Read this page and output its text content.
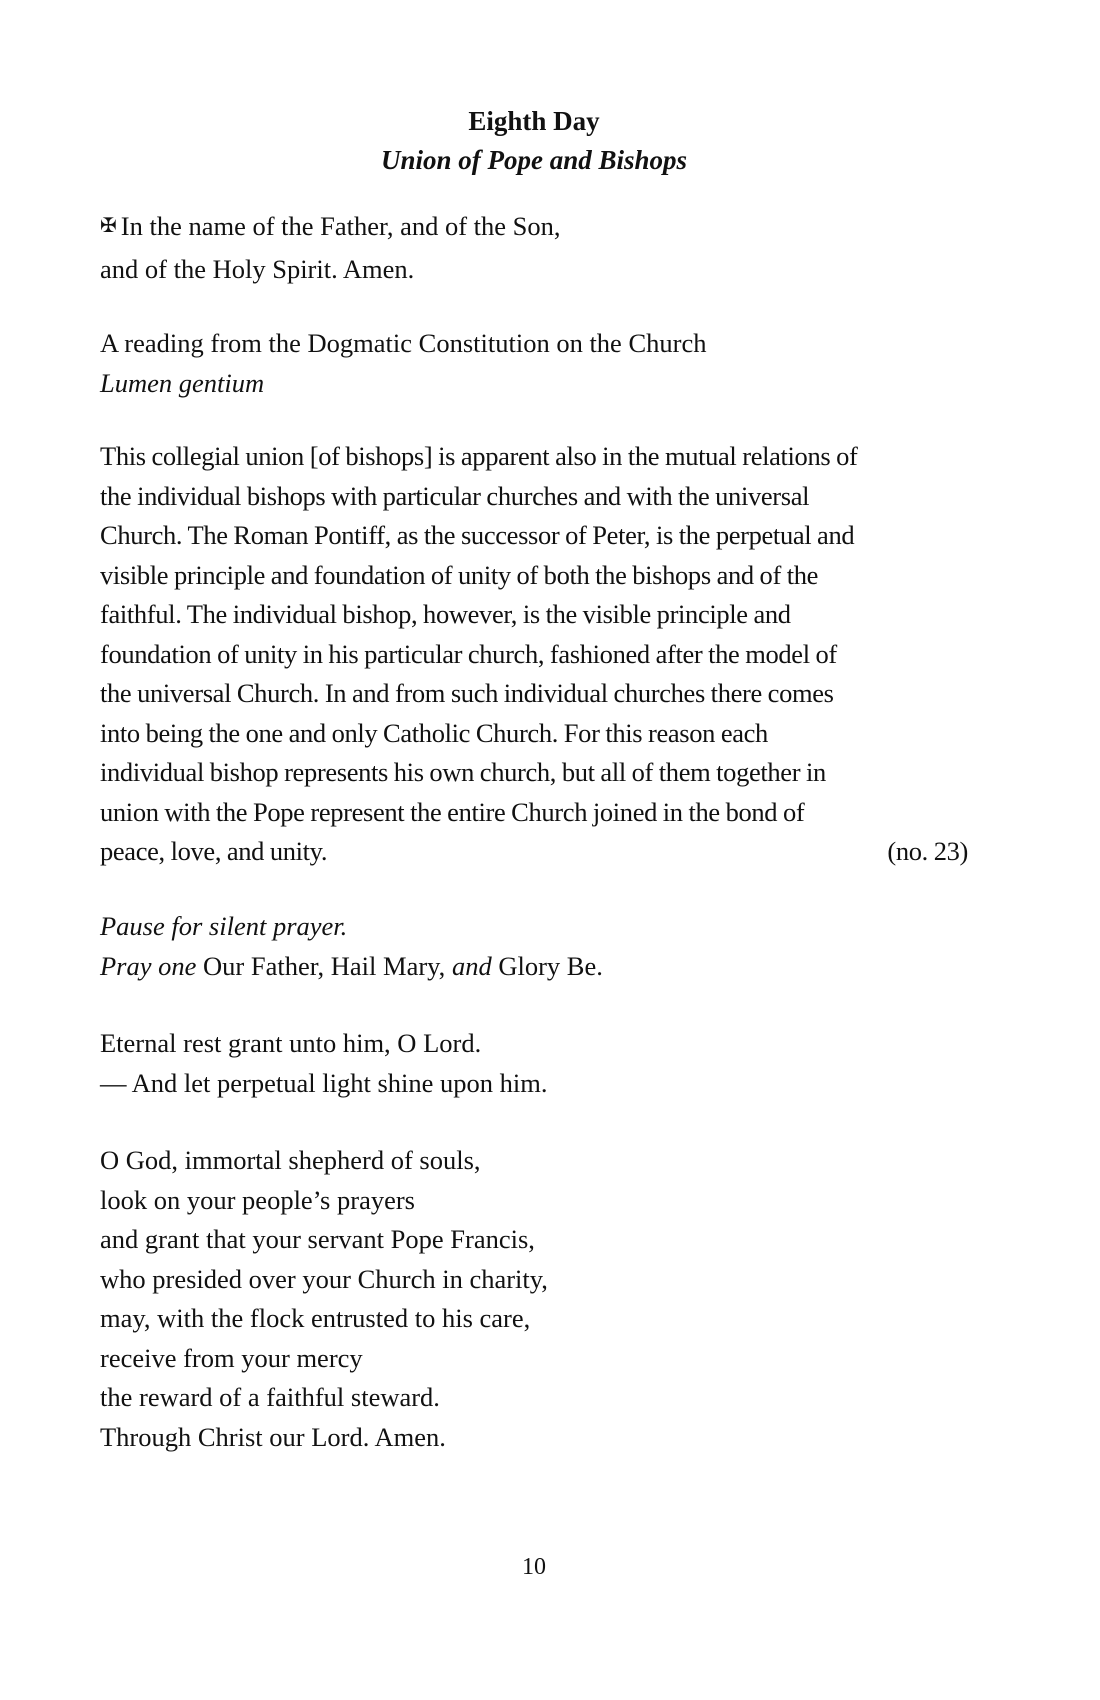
Eighth Day
Union of Pope and Bishops
✠ In the name of the Father, and of the Son,
and of the Holy Spirit. Amen.
A reading from the Dogmatic Constitution on the Church
Lumen gentium
This collegial union [of bishops] is apparent also in the mutual relations of
the individual bishops with particular churches and with the universal
Church. The Roman Pontiff, as the successor of Peter, is the perpetual and
visible principle and foundation of unity of both the bishops and of the
faithful. The individual bishop, however, is the visible principle and
foundation of unity in his particular church, fashioned after the model of
the universal Church. In and from such individual churches there comes
into being the one and only Catholic Church. For this reason each
individual bishop represents his own church, but all of them together in
union with the Pope represent the entire Church joined in the bond of
peace, love, and unity.	(no. 23)
Pause for silent prayer.
Pray one Our Father, Hail Mary, and Glory Be.
Eternal rest grant unto him, O Lord.
— And let perpetual light shine upon him.
O God, immortal shepherd of souls,
look on your people’s prayers
and grant that your servant Pope Francis,
who presided over your Church in charity,
may, with the flock entrusted to his care,
receive from your mercy
the reward of a faithful steward.
Through Christ our Lord. Amen.
10
